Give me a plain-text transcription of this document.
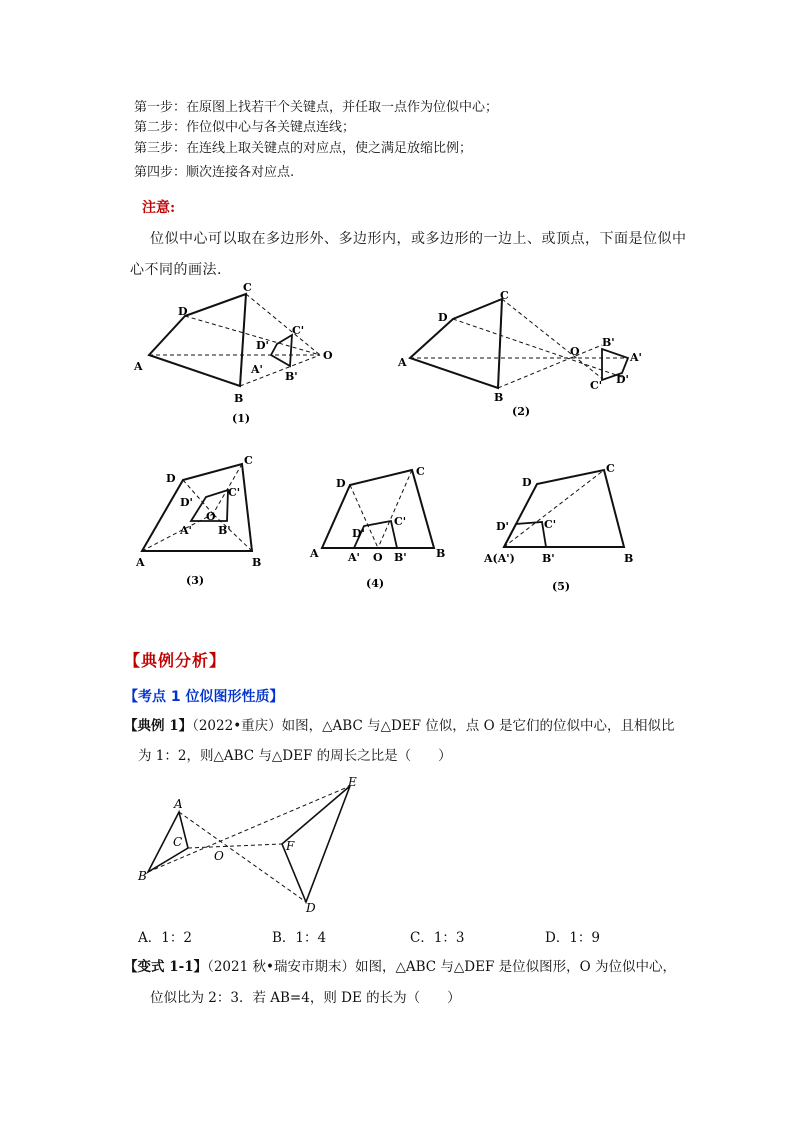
第一步：在原图上找若干个关键点，并任取一点作为位似中心；
第二步：作位似中心与各关键点连线；
第三步：在连线上取关键点的对应点，使之满足放缩比例；
第四步：顺次连接各对应点.
注意:
位似中心可以取在多边形外、多边形内，或多边形的一边上、或顶点，下面是位似中
心不同的画法.
A
B
C
D
O
A'
B'
C'
D'
(1)
A
B
C
D
O	A'
B'
C' D'
(2)
A	B
C
D
O
A' B'
C'
D'
(3)
A	B
C
D
O
A'	B'
C'
D'
(4)
A(A')	B
C
D
B'
C'
D'
(5)
【典例分析】
【考点 1 位似图形性质】
【典例 1】（2022•重庆）如图，△ABC 与△DEF 位似，点 O 是它们的位似中心，且相似比
为 1：2，则△ABC 与△DEF 的周长之比是（　　）
A
B
C
O
E
F
D
A．1：2	B．1：4	C．1：3	D．1：9
【变式 1-1】（2021 秋•瑞安市期末）如图，△ABC 与△DEF 是位似图形，O 为位似中心，
位似比为 2：3．若 AB=4，则 DE 的长为（　　）
